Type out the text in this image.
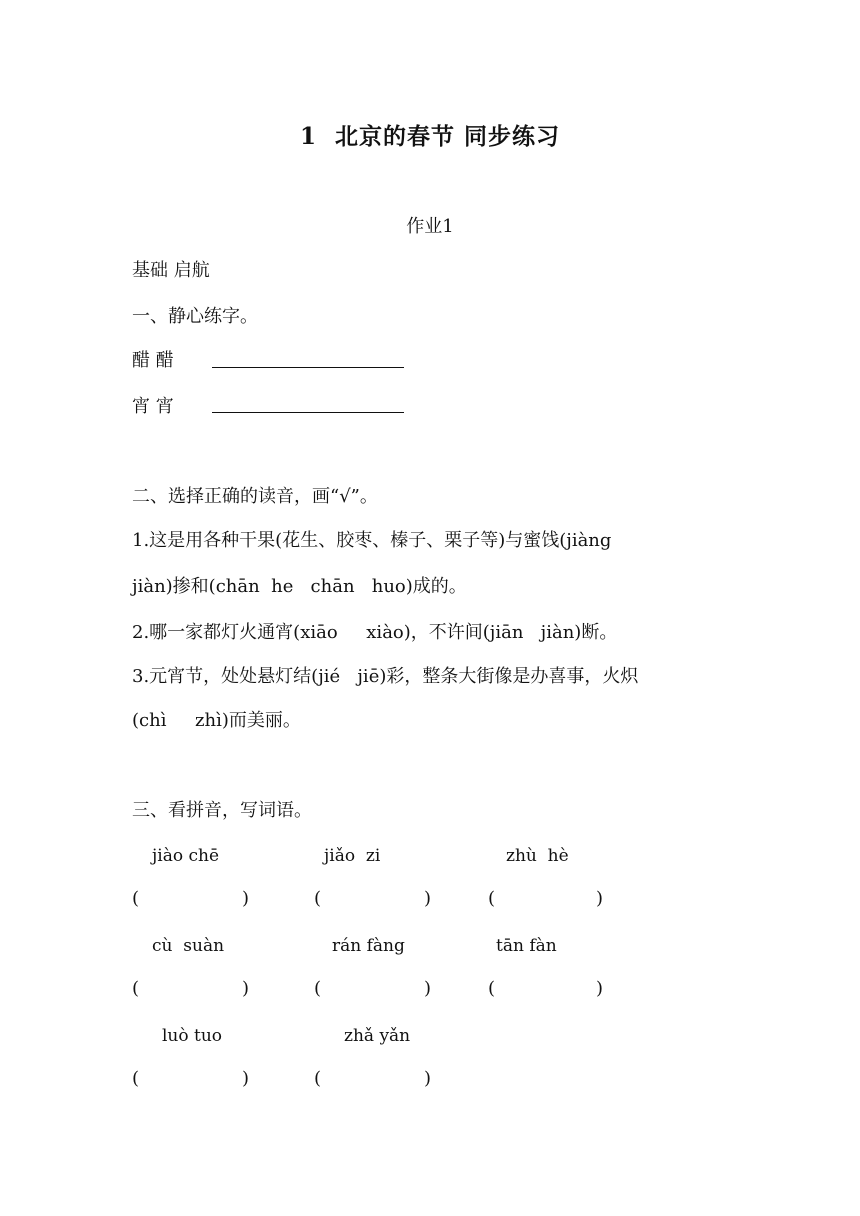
1 北京的春节 同步练习
作业1
基础 启航
一、静心练字。
醋 醋
宵 宵
二、选择正确的读音，画“√”。
1.这是用各种干果(花生、胶枣、榛子、栗子等)与蜜饯(jiàng
jiàn)掺和(chān  he   chān   huo)成的。
2.哪一家都灯火通宵(xiāo     xiào)，不许间(jiān   jiàn)断。
3.元宵节，处处悬灯结(jié   jiē)彩，整条大街像是办喜事，火炽
(chì     zhì)而美丽。
三、看拼音，写词语。
jiào chē	jiǎo  zi	zhù  hè
(	)	(	)	(	)
cù  suàn	rán fàng	tān fàn
(	)	(	)	(	)
luò tuo	zhǎ yǎn
(	)	(	)
